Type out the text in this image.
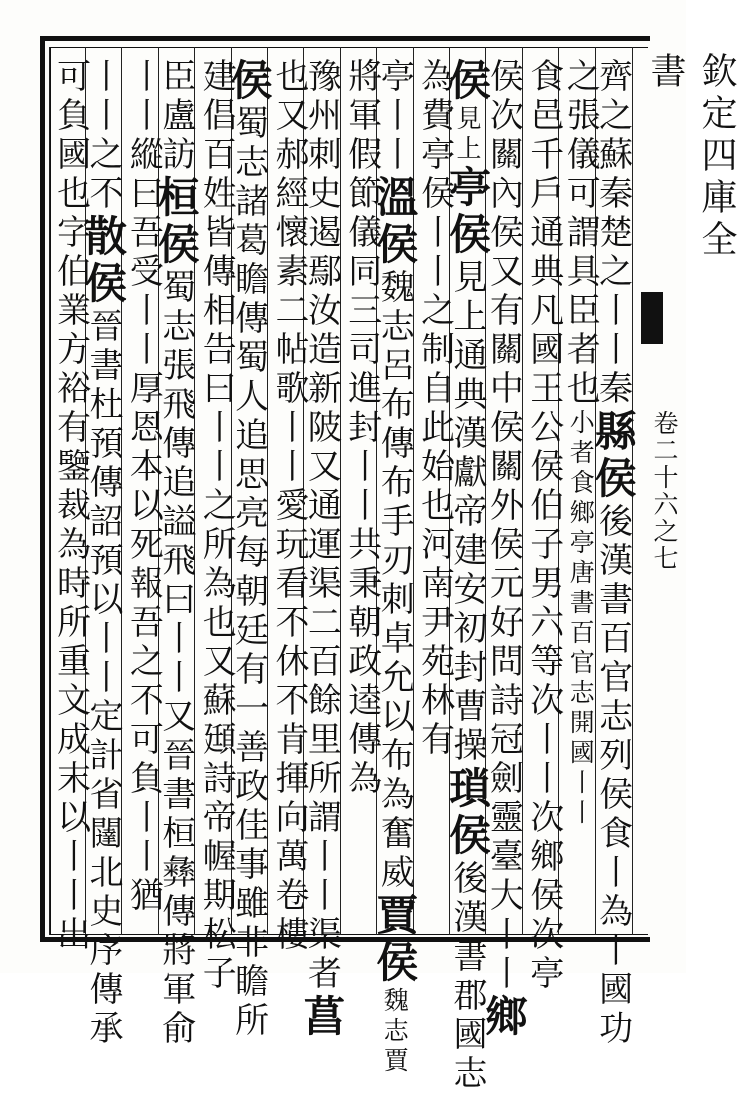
欽定四庫全書
卷二十六之七
齊之蘇秦楚之丨丨秦縣侯後漢書百官志列侯食丨為丨國功
之張儀可謂具臣者也小者食鄉亭唐書百官志開國丨丨
食邑千戶通典凡國王公侯伯子男六等次丨丨次鄉侯次亭
侯次關內侯又有關中侯關外侯元好問詩冠劍靈臺大丨丨鄉
侯見上亭侯見上通典漢獻帝建安初封曹操瑣侯後漢書郡國志
為費亭侯丨丨之制自此始也河南尹苑林有
亭丨丨溫侯魏志呂布傳布手刃刺卓允以布為奮威賈侯魏志賈
將軍假節儀同三司進封丨丨共秉朝政逵傳為
豫州刺史遏鄢汝造新陂又通運渠二百餘里所謂丨丨渠者菖
也又郝經懷素二帖歌丨丨愛玩看不休不肯揮向萬卷樓
侯蜀志諸葛瞻傳蜀人追思亮每朝廷有一善政佳事雖非瞻所
建倡百姓皆傳相告曰丨丨之所為也又蘇頲詩帝幄期松子
臣盧訪桓侯蜀志張飛傳追謚飛曰丨丨又晉書桓彝傳將軍俞
丨丨縱曰吾受丨丨厚恩本以死報吾之不可負丨丨猶
丨丨之不散侯晉書杜預傳詔預以丨丨定計省闥北史序傳承
可負國也字伯業方裕有鑒裁為時所重文成末以丨丨出
